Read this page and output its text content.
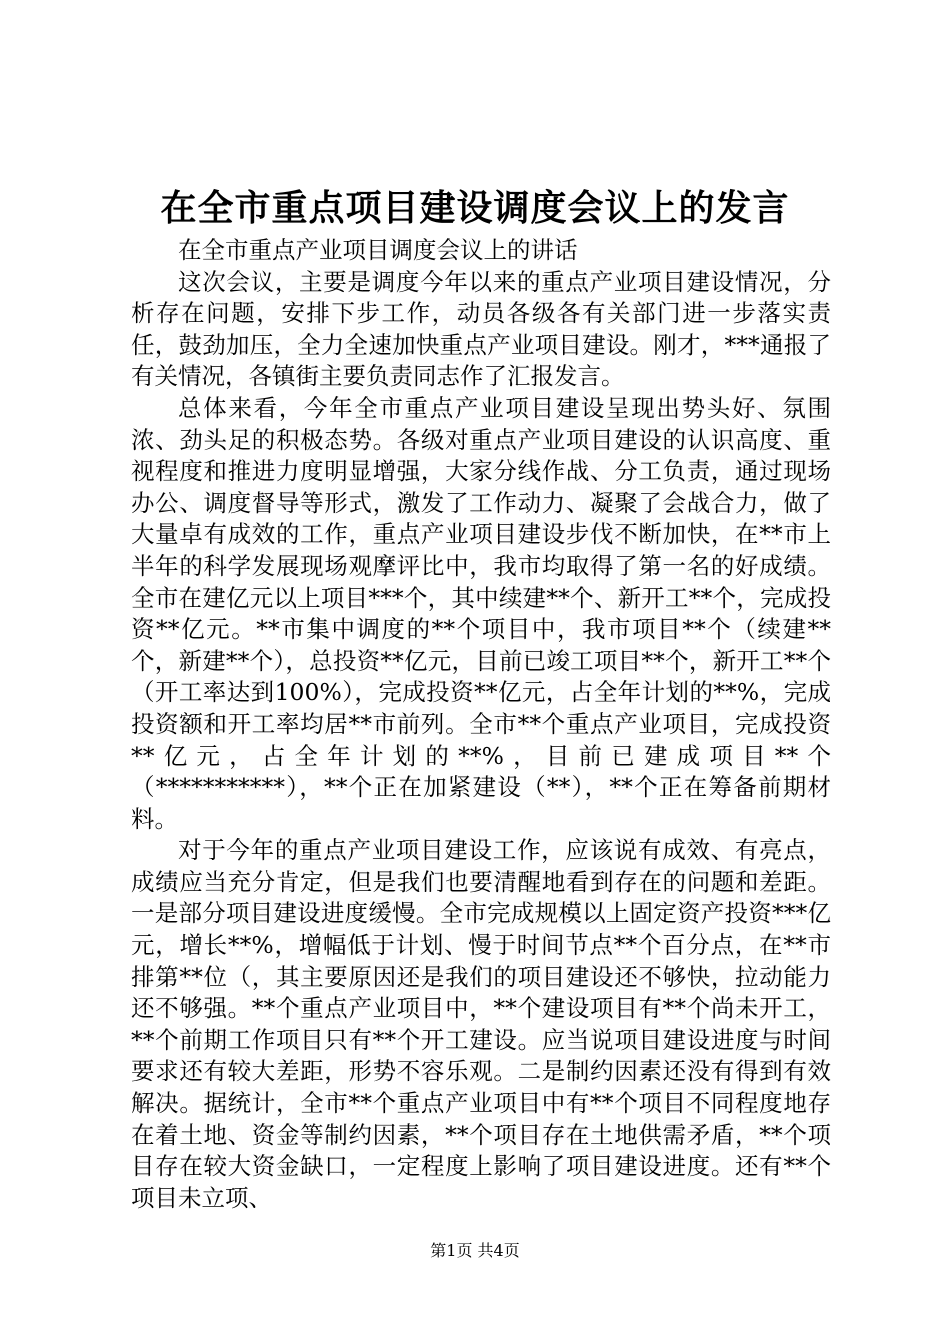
在全市重点项目建设调度会议上的发言

在全市重点产业项目调度会议上的讲话

这次会议，主要是调度今年以来的重点产业项目建设情况，分析存在问题，安排下步工作，动员各级各有关部门进一步落实责任，鼓劲加压，全力全速加快重点产业项目建设。刚才，***通报了有关情况，各镇街主要负责同志作了汇报发言。

总体来看，今年全市重点产业项目建设呈现出势头好、氛围浓、劲头足的积极态势。各级对重点产业项目建设的认识高度、重视程度和推进力度明显增强，大家分线作战、分工负责，通过现场办公、调度督导等形式，激发了工作动力、凝聚了会战合力，做了大量卓有成效的工作，重点产业项目建设步伐不断加快，在**市上半年的科学发展现场观摩评比中，我市均取得了第一名的好成绩。全市在建亿元以上项目***个，其中续建**个、新开工**个，完成投资**亿元。**市集中调度的**个项目中，我市项目**个（续建**个，新建**个），总投资**亿元，目前已竣工项目**个，新开工**个（开工率达到100%），完成投资**亿元，占全年计划的**%，完成投资额和开工率均居**市前列。全市**个重点产业项目，完成投资**亿元，占全年计划的**%，目前已建成项目**个（***********），**个正在加紧建设（**），**个正在筹备前期材料。

对于今年的重点产业项目建设工作，应该说有成效、有亮点，成绩应当充分肯定，但是我们也要清醒地看到存在的问题和差距。一是部分项目建设进度缓慢。全市完成规模以上固定资产投资***亿元，增长**%，增幅低于计划、慢于时间节点**个百分点，在**市排第**位（，其主要原因还是我们的项目建设还不够快，拉动能力还不够强。**个重点产业项目中，**个建设项目有**个尚未开工，**个前期工作项目只有**个开工建设。应当说项目建设进度与时间要求还有较大差距，形势不容乐观。二是制约因素还没有得到有效解决。据统计，全市**个重点产业项目中有**个项目不同程度地存在着土地、资金等制约因素，**个项目存在土地供需矛盾，**个项目存在较大资金缺口，一定程度上影响了项目建设进度。还有**个项目未立项、

第1页 共4页
